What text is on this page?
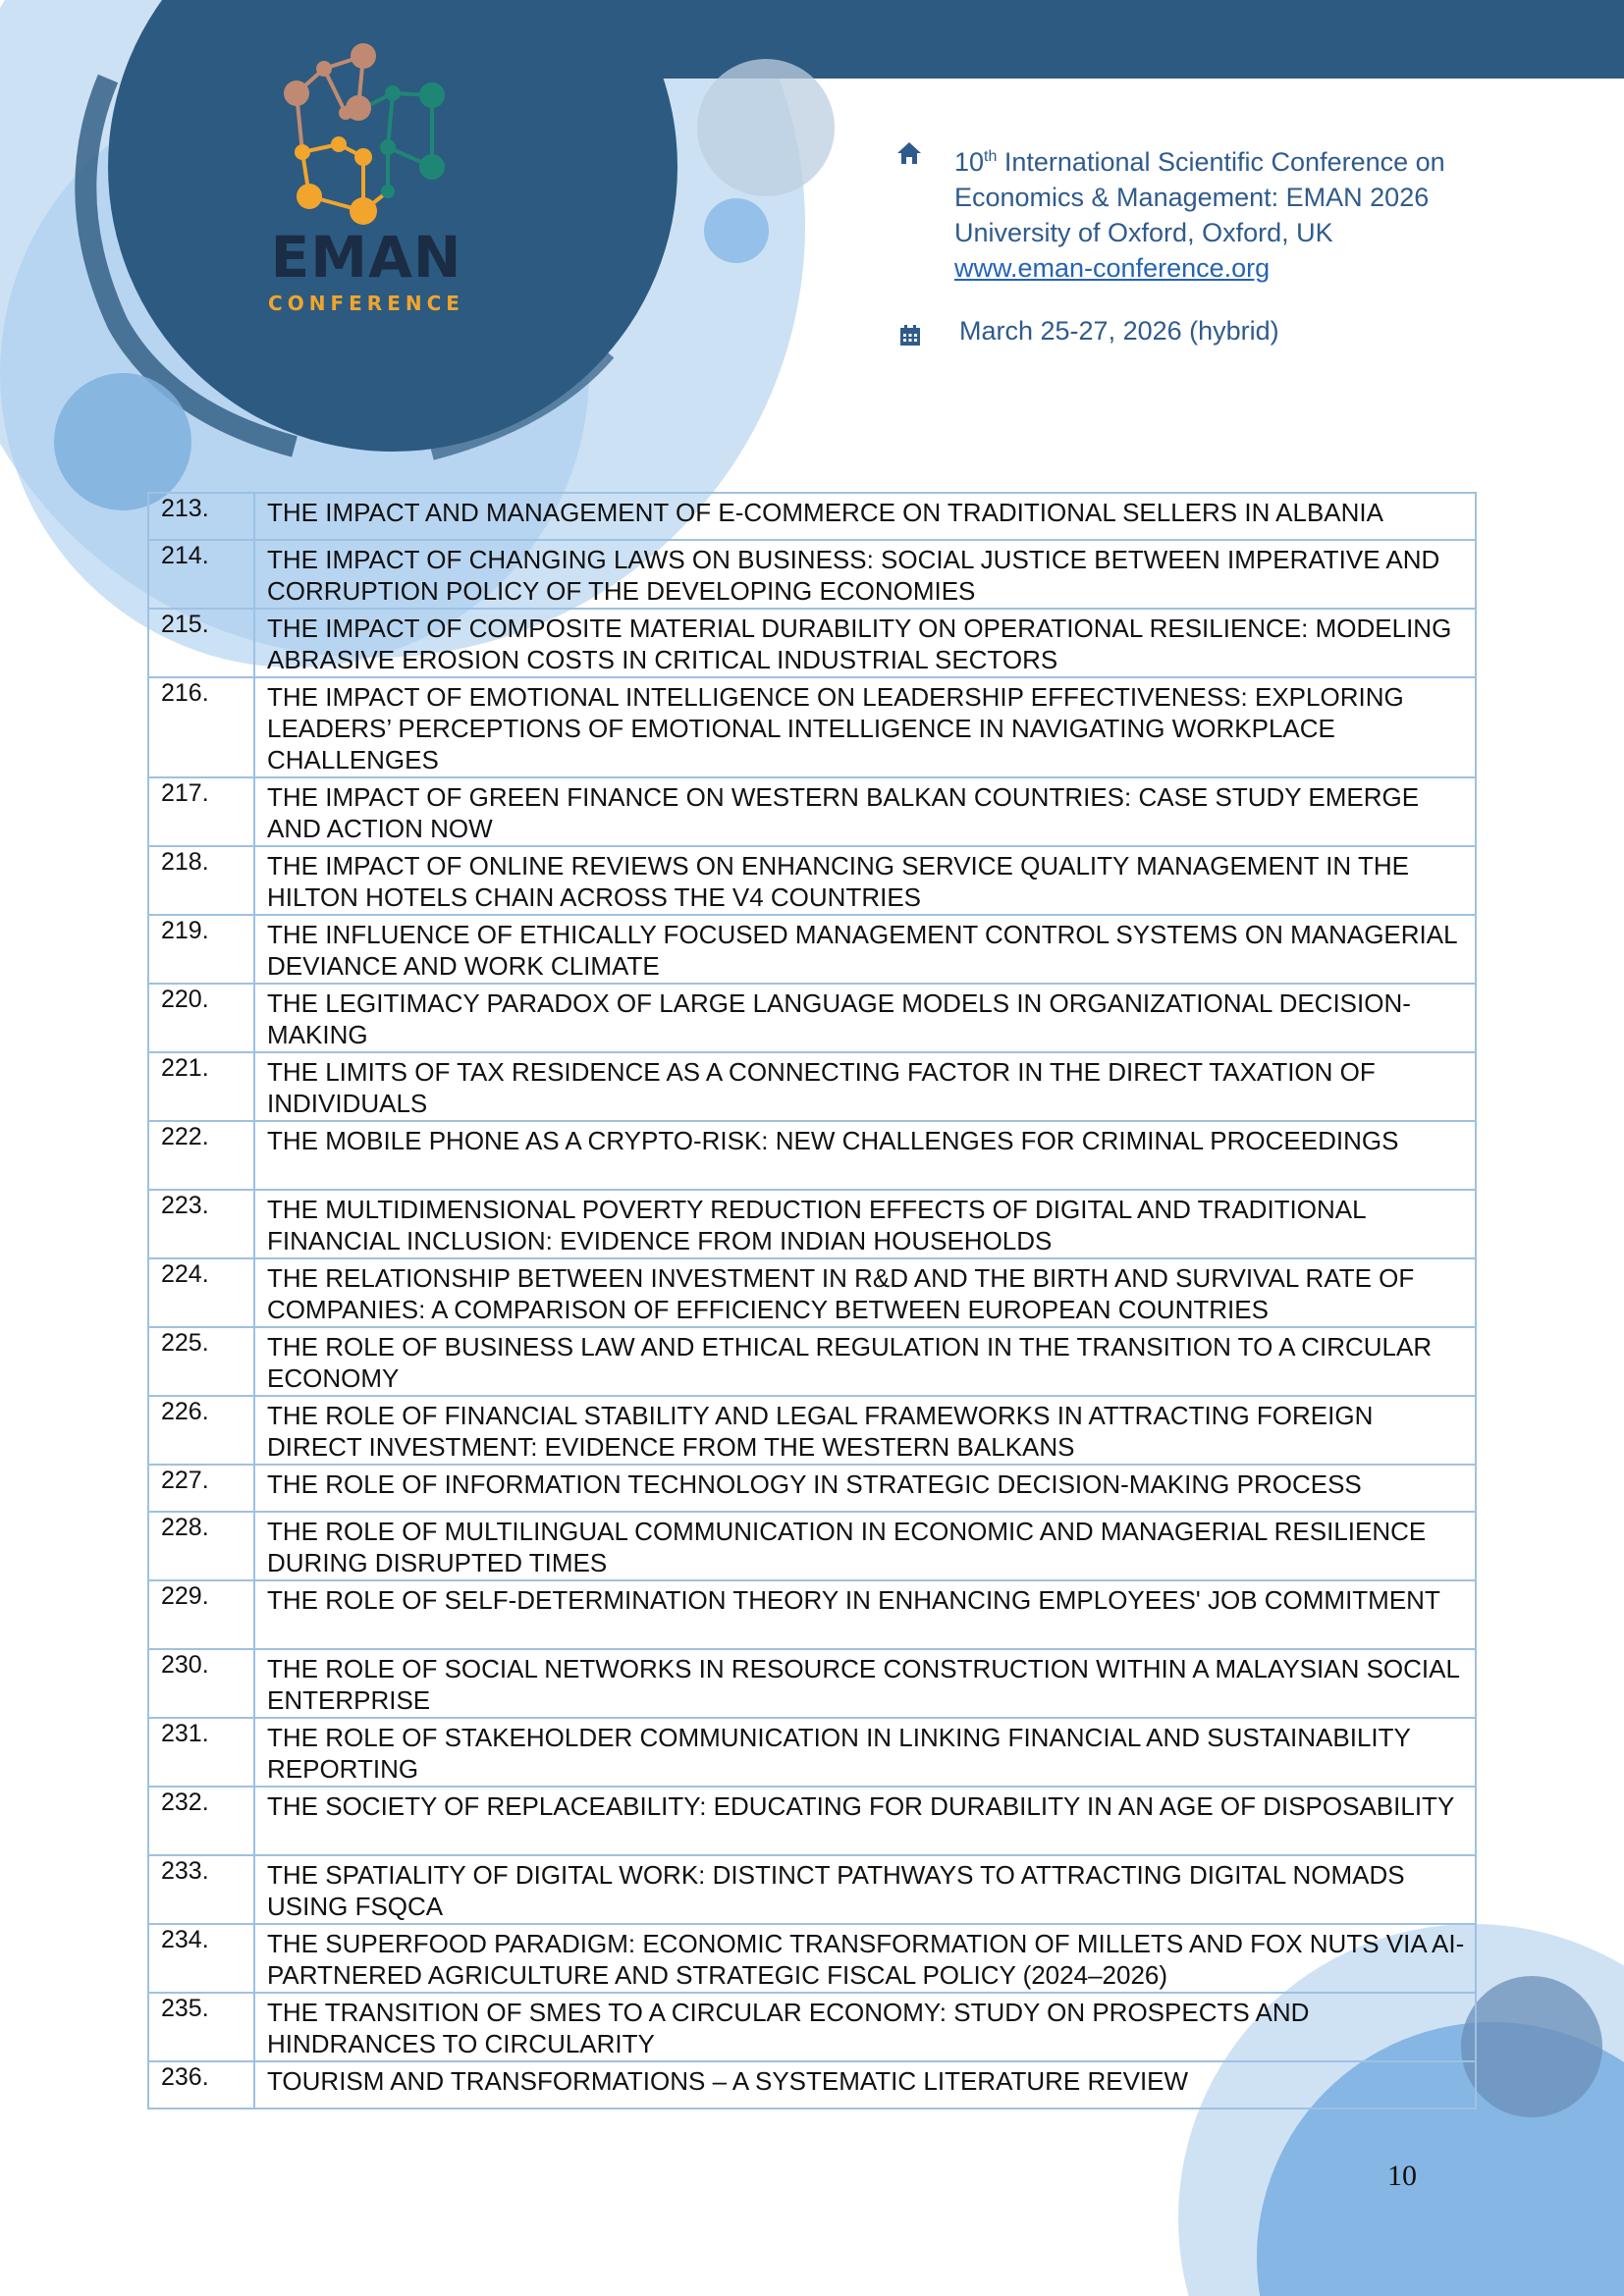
EMAN
CONFERENCE
10th International Scientific Conference on
Economics & Management: EMAN 2026
University of Oxford, Oxford, UK
www.eman-conference.org
March 25-27, 2026 (hybrid)
213.	THE IMPACT AND MANAGEMENT OF E-COMMERCE ON TRADITIONAL SELLERS IN ALBANIA
214.	THE IMPACT OF CHANGING LAWS ON BUSINESS: SOCIAL JUSTICE BETWEEN IMPERATIVE AND CORRUPTION POLICY OF THE DEVELOPING ECONOMIES
215.	THE IMPACT OF COMPOSITE MATERIAL DURABILITY ON OPERATIONAL RESILIENCE: MODELING ABRASIVE EROSION COSTS IN CRITICAL INDUSTRIAL SECTORS
216.	THE IMPACT OF EMOTIONAL INTELLIGENCE ON LEADERSHIP EFFECTIVENESS: EXPLORING LEADERS’ PERCEPTIONS OF EMOTIONAL INTELLIGENCE IN NAVIGATING WORKPLACE CHALLENGES
217.	THE IMPACT OF GREEN FINANCE ON WESTERN BALKAN COUNTRIES: CASE STUDY EMERGE AND ACTION NOW
218.	THE IMPACT OF ONLINE REVIEWS ON ENHANCING SERVICE QUALITY MANAGEMENT IN THE HILTON HOTELS CHAIN ACROSS THE V4 COUNTRIES
219.	THE INFLUENCE OF ETHICALLY FOCUSED MANAGEMENT CONTROL SYSTEMS ON MANAGERIAL DEVIANCE AND WORK CLIMATE
220.	THE LEGITIMACY PARADOX OF LARGE LANGUAGE MODELS IN ORGANIZATIONAL DECISION-MAKING
221.	THE LIMITS OF TAX RESIDENCE AS A CONNECTING FACTOR IN THE DIRECT TAXATION OF INDIVIDUALS
222.	THE MOBILE PHONE AS A CRYPTO-RISK: NEW CHALLENGES FOR CRIMINAL PROCEEDINGS
223.	THE MULTIDIMENSIONAL POVERTY REDUCTION EFFECTS OF DIGITAL AND TRADITIONAL FINANCIAL INCLUSION: EVIDENCE FROM INDIAN HOUSEHOLDS
224.	THE RELATIONSHIP BETWEEN INVESTMENT IN R&D AND THE BIRTH AND SURVIVAL RATE OF COMPANIES: A COMPARISON OF EFFICIENCY BETWEEN EUROPEAN COUNTRIES
225.	THE ROLE OF BUSINESS LAW AND ETHICAL REGULATION IN THE TRANSITION TO A CIRCULAR ECONOMY
226.	THE ROLE OF FINANCIAL STABILITY AND LEGAL FRAMEWORKS IN ATTRACTING FOREIGN DIRECT INVESTMENT: EVIDENCE FROM THE WESTERN BALKANS
227.	THE ROLE OF INFORMATION TECHNOLOGY IN STRATEGIC DECISION-MAKING PROCESS
228.	THE ROLE OF MULTILINGUAL COMMUNICATION IN ECONOMIC AND MANAGERIAL RESILIENCE DURING DISRUPTED TIMES
229.	THE ROLE OF SELF-DETERMINATION THEORY IN ENHANCING EMPLOYEES' JOB COMMITMENT
230.	THE ROLE OF SOCIAL NETWORKS IN RESOURCE CONSTRUCTION WITHIN A MALAYSIAN SOCIAL ENTERPRISE
231.	THE ROLE OF STAKEHOLDER COMMUNICATION IN LINKING FINANCIAL AND SUSTAINABILITY REPORTING
232.	THE SOCIETY OF REPLACEABILITY: EDUCATING FOR DURABILITY IN AN AGE OF DISPOSABILITY
233.	THE SPATIALITY OF DIGITAL WORK: DISTINCT PATHWAYS TO ATTRACTING DIGITAL NOMADS USING FSQCA
234.	THE SUPERFOOD PARADIGM: ECONOMIC TRANSFORMATION OF MILLETS AND FOX NUTS VIA AI-PARTNERED AGRICULTURE AND STRATEGIC FISCAL POLICY (2024–2026)
235.	THE TRANSITION OF SMES TO A CIRCULAR ECONOMY: STUDY ON PROSPECTS AND HINDRANCES TO CIRCULARITY
236.	TOURISM AND TRANSFORMATIONS – A SYSTEMATIC LITERATURE REVIEW
10
